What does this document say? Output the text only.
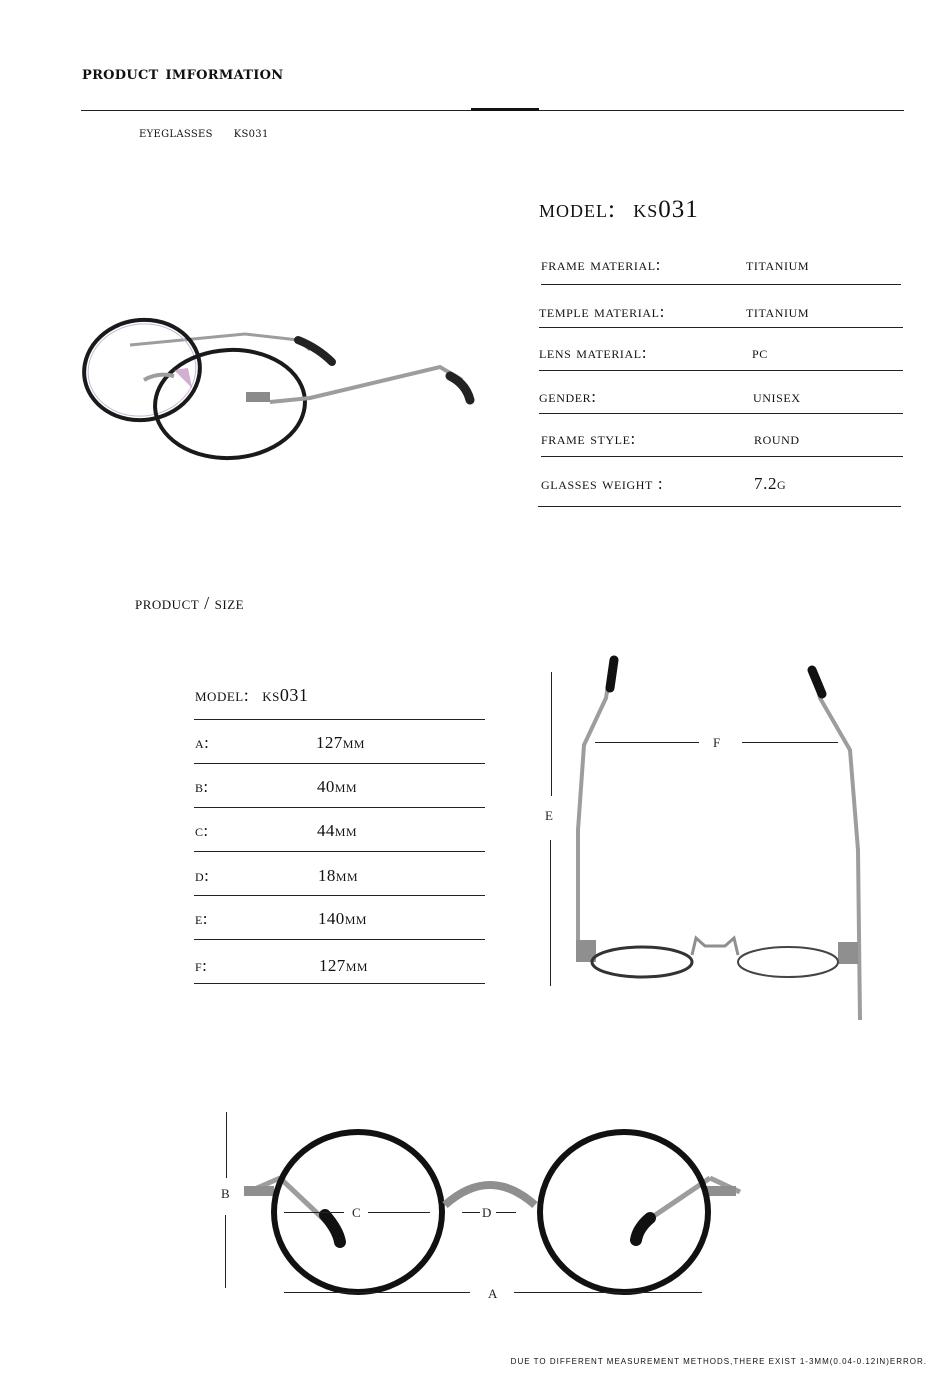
product imformation
EYEGLASSES KS031
model: ks031
frame material:	titanium
temple material:	titanium
lens material:	pc
gender:	unisex
frame style:	round
glasses weight :	7.2g
product / size
model: ks031
a:	127mm
b:	40mm
c:	44mm
d:	18mm
e:	140mm
f:	127mm
E
F
B
C	D
A
DUE TO DIFFERENT MEASUREMENT METHODS,THERE EXIST 1-3MM(0.04-0.12IN)ERROR.
